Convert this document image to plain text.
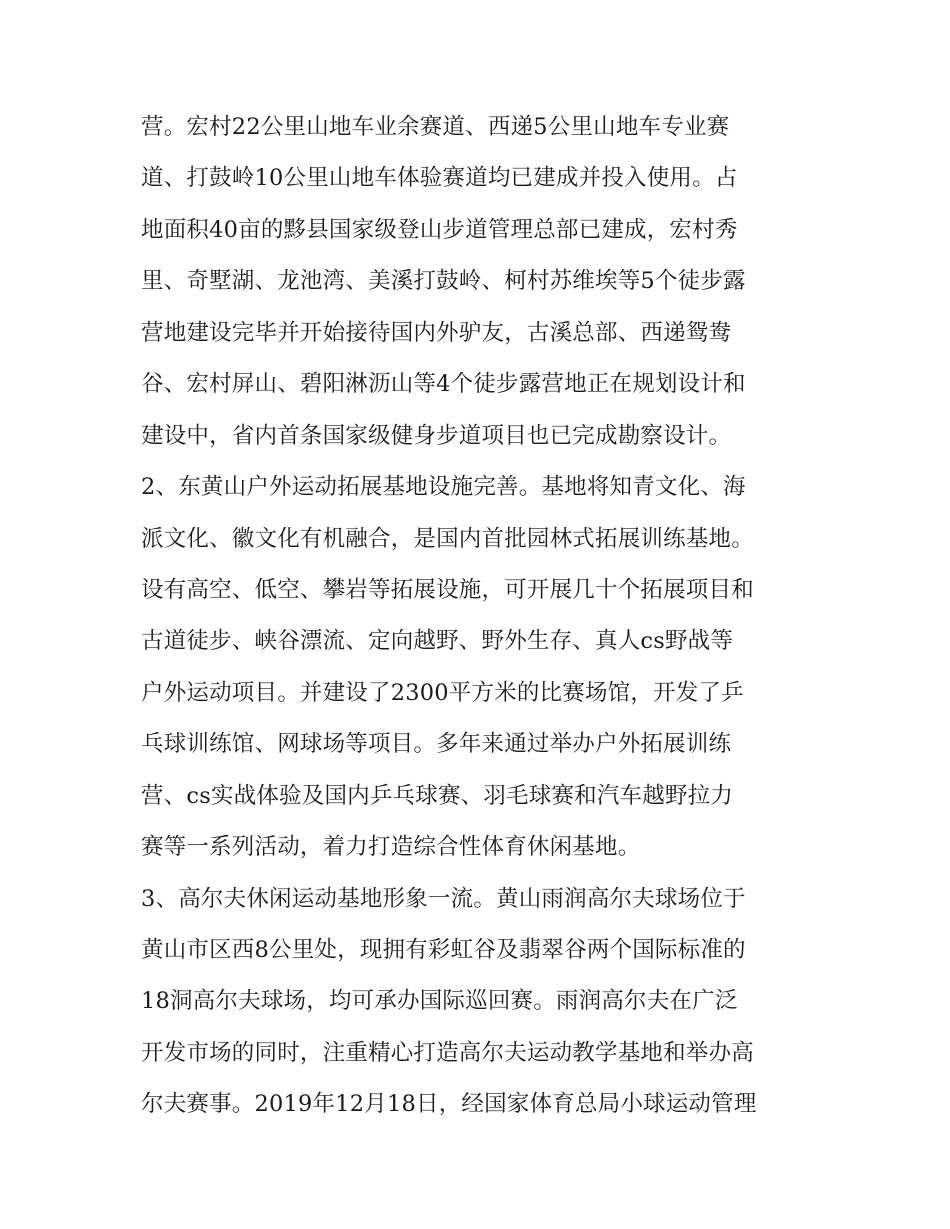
营。宏村22公里山地车业余赛道、西递5公里山地车专业赛
道、打鼓岭10公里山地车体验赛道均已建成并投入使用。占
地面积40亩的黟县国家级登山步道管理总部已建成，宏村秀
里、奇墅湖、龙池湾、美溪打鼓岭、柯村苏维埃等5个徒步露
营地建设完毕并开始接待国内外驴友，古溪总部、西递鸳鸯
谷、宏村屏山、碧阳淋沥山等4个徒步露营地正在规划设计和
建设中，省内首条国家级健身步道项目也已完成勘察设计。
2、东黄山户外运动拓展基地设施完善。基地将知青文化、海
派文化、徽文化有机融合，是国内首批园林式拓展训练基地。
设有高空、低空、攀岩等拓展设施，可开展几十个拓展项目和
古道徒步、峡谷漂流、定向越野、野外生存、真人cs野战等
户外运动项目。并建设了2300平方米的比赛场馆，开发了乒
乓球训练馆、网球场等项目。多年来通过举办户外拓展训练
营、cs实战体验及国内乒乓球赛、羽毛球赛和汽车越野拉力
赛等一系列活动，着力打造综合性体育休闲基地。
3、高尔夫休闲运动基地形象一流。黄山雨润高尔夫球场位于
黄山市区西8公里处，现拥有彩虹谷及翡翠谷两个国际标准的
18洞高尔夫球场，均可承办国际巡回赛。雨润高尔夫在广泛
开发市场的同时，注重精心打造高尔夫运动教学基地和举办高
尔夫赛事。2019年12月18日，经国家体育总局小球运动管理
